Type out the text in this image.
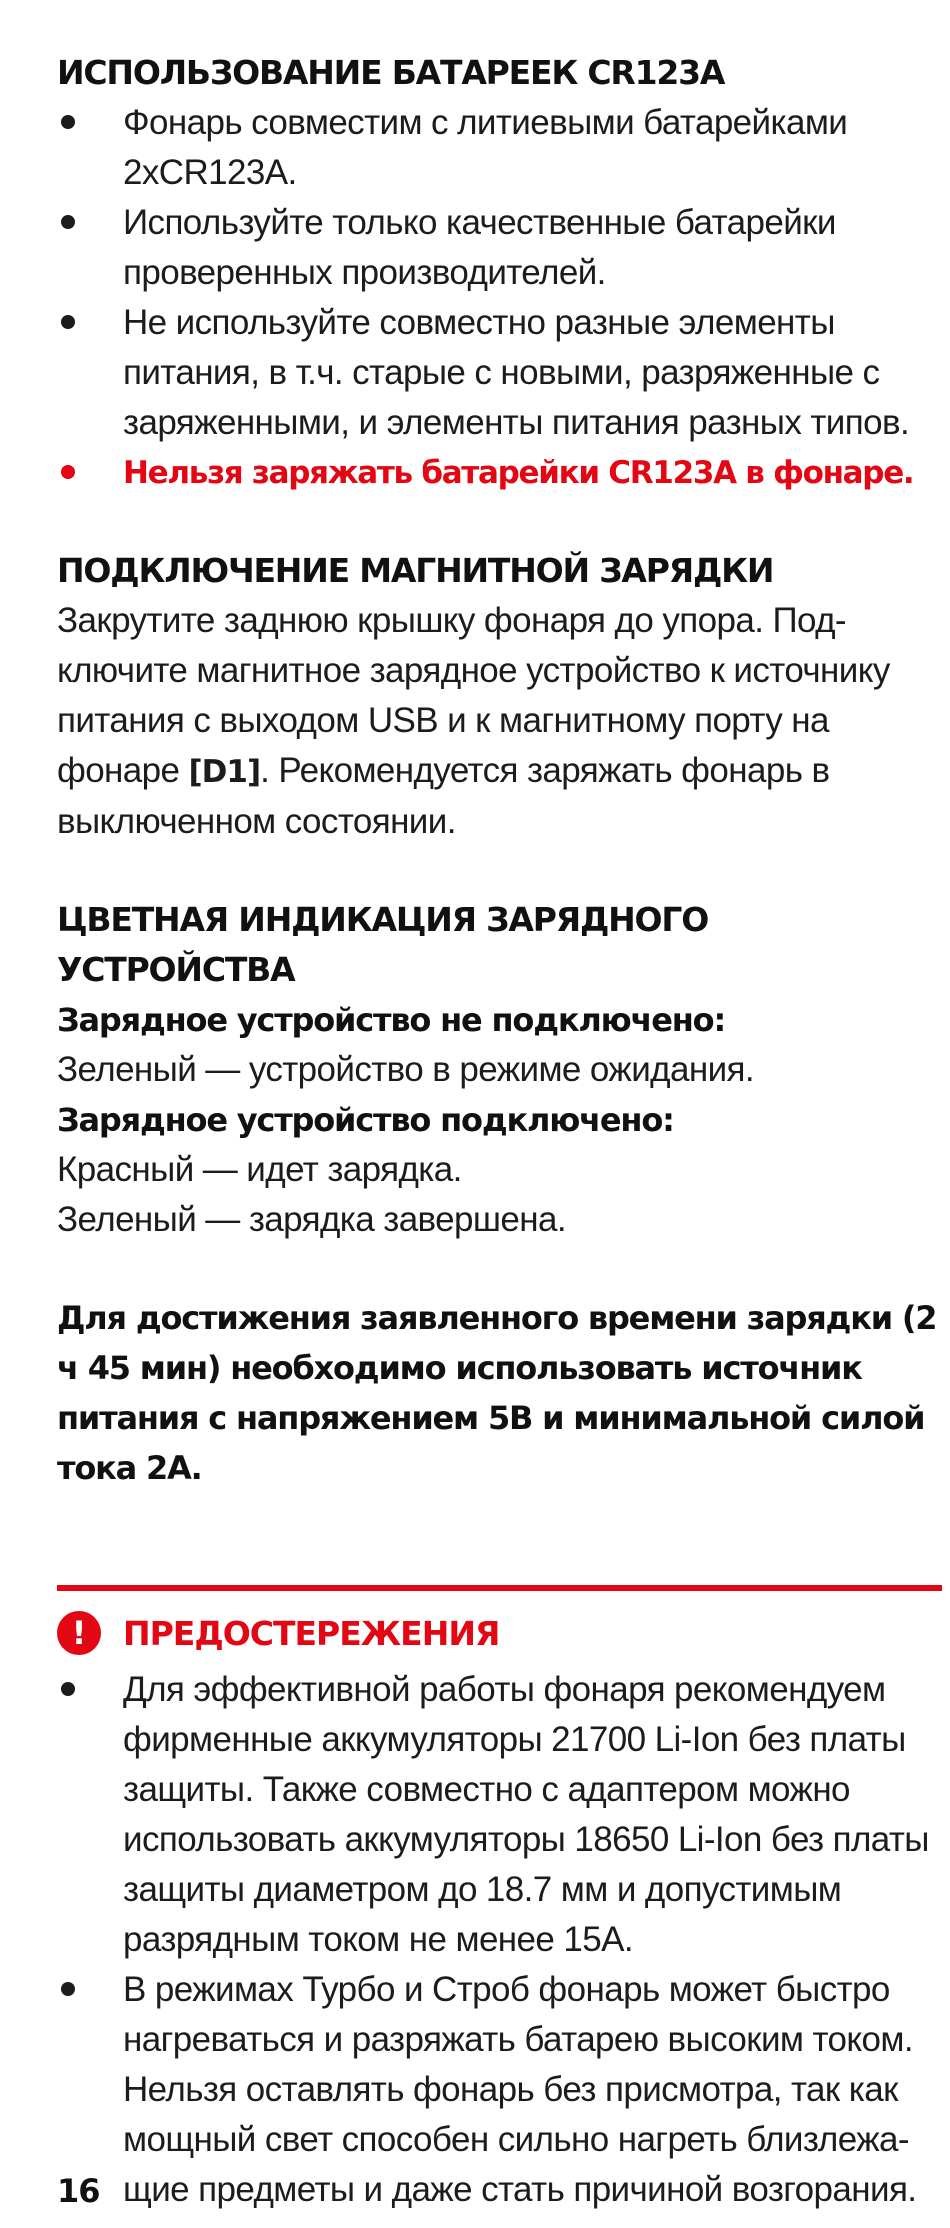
ИСПОЛЬЗОВАНИЕ БАТАРЕЕК CR123A
Фонарь совместим с литиевыми батарейками 2xCR123A.
Используйте только качественные батарейки проверенных производителей.
Не используйте совместно разные элементы питания, в т.ч. старые с новыми, разряженные с заряженными, и элементы питания разных типов.
Нельзя заряжать батарейки CR123A в фонаре.
ПОДКЛЮЧЕНИЕ МАГНИТНОЙ ЗАРЯДКИ

Закрутите заднюю крышку фонаря до упора. Под-ключите магнитное зарядное устройство к источнику питания с выходом USB и к магнитному порту на фонаре [D1]. Рекомендуется заряжать фонарь в выключенном состоянии.

ЦВЕТНАЯ ИНДИКАЦИЯ ЗАРЯДНОГО УСТРОЙСТВА

Зарядное устройство не подключено:

Зеленый — устройство в режиме ожидания.

Зарядное устройство подключено:

Красный — идет зарядка.

Зеленый — зарядка завершена.

Для достижения заявленного времени зарядки (2 ч 45 мин) необходимо использовать источник питания с напряжением 5В и минимальной силой тока 2А.

!	ПРЕДОСТЕРЕЖЕНИЯ
Для эффективной работы фонаря рекомендуем фирменные аккумуляторы 21700 Li-Ion без платы защиты. Также совместно с адаптером можно использовать аккумуляторы 18650 Li-Ion без платы защиты диаметром до 18.7 мм и допустимым разрядным током не менее 15А.
В режимах Турбо и Строб фонарь может быстро нагреваться и разряжать батарею высоким током. Нельзя оставлять фонарь без присмотра, так как мощный свет способен сильно нагреть близлежа-щие предметы и даже стать причиной возгорания.
16
